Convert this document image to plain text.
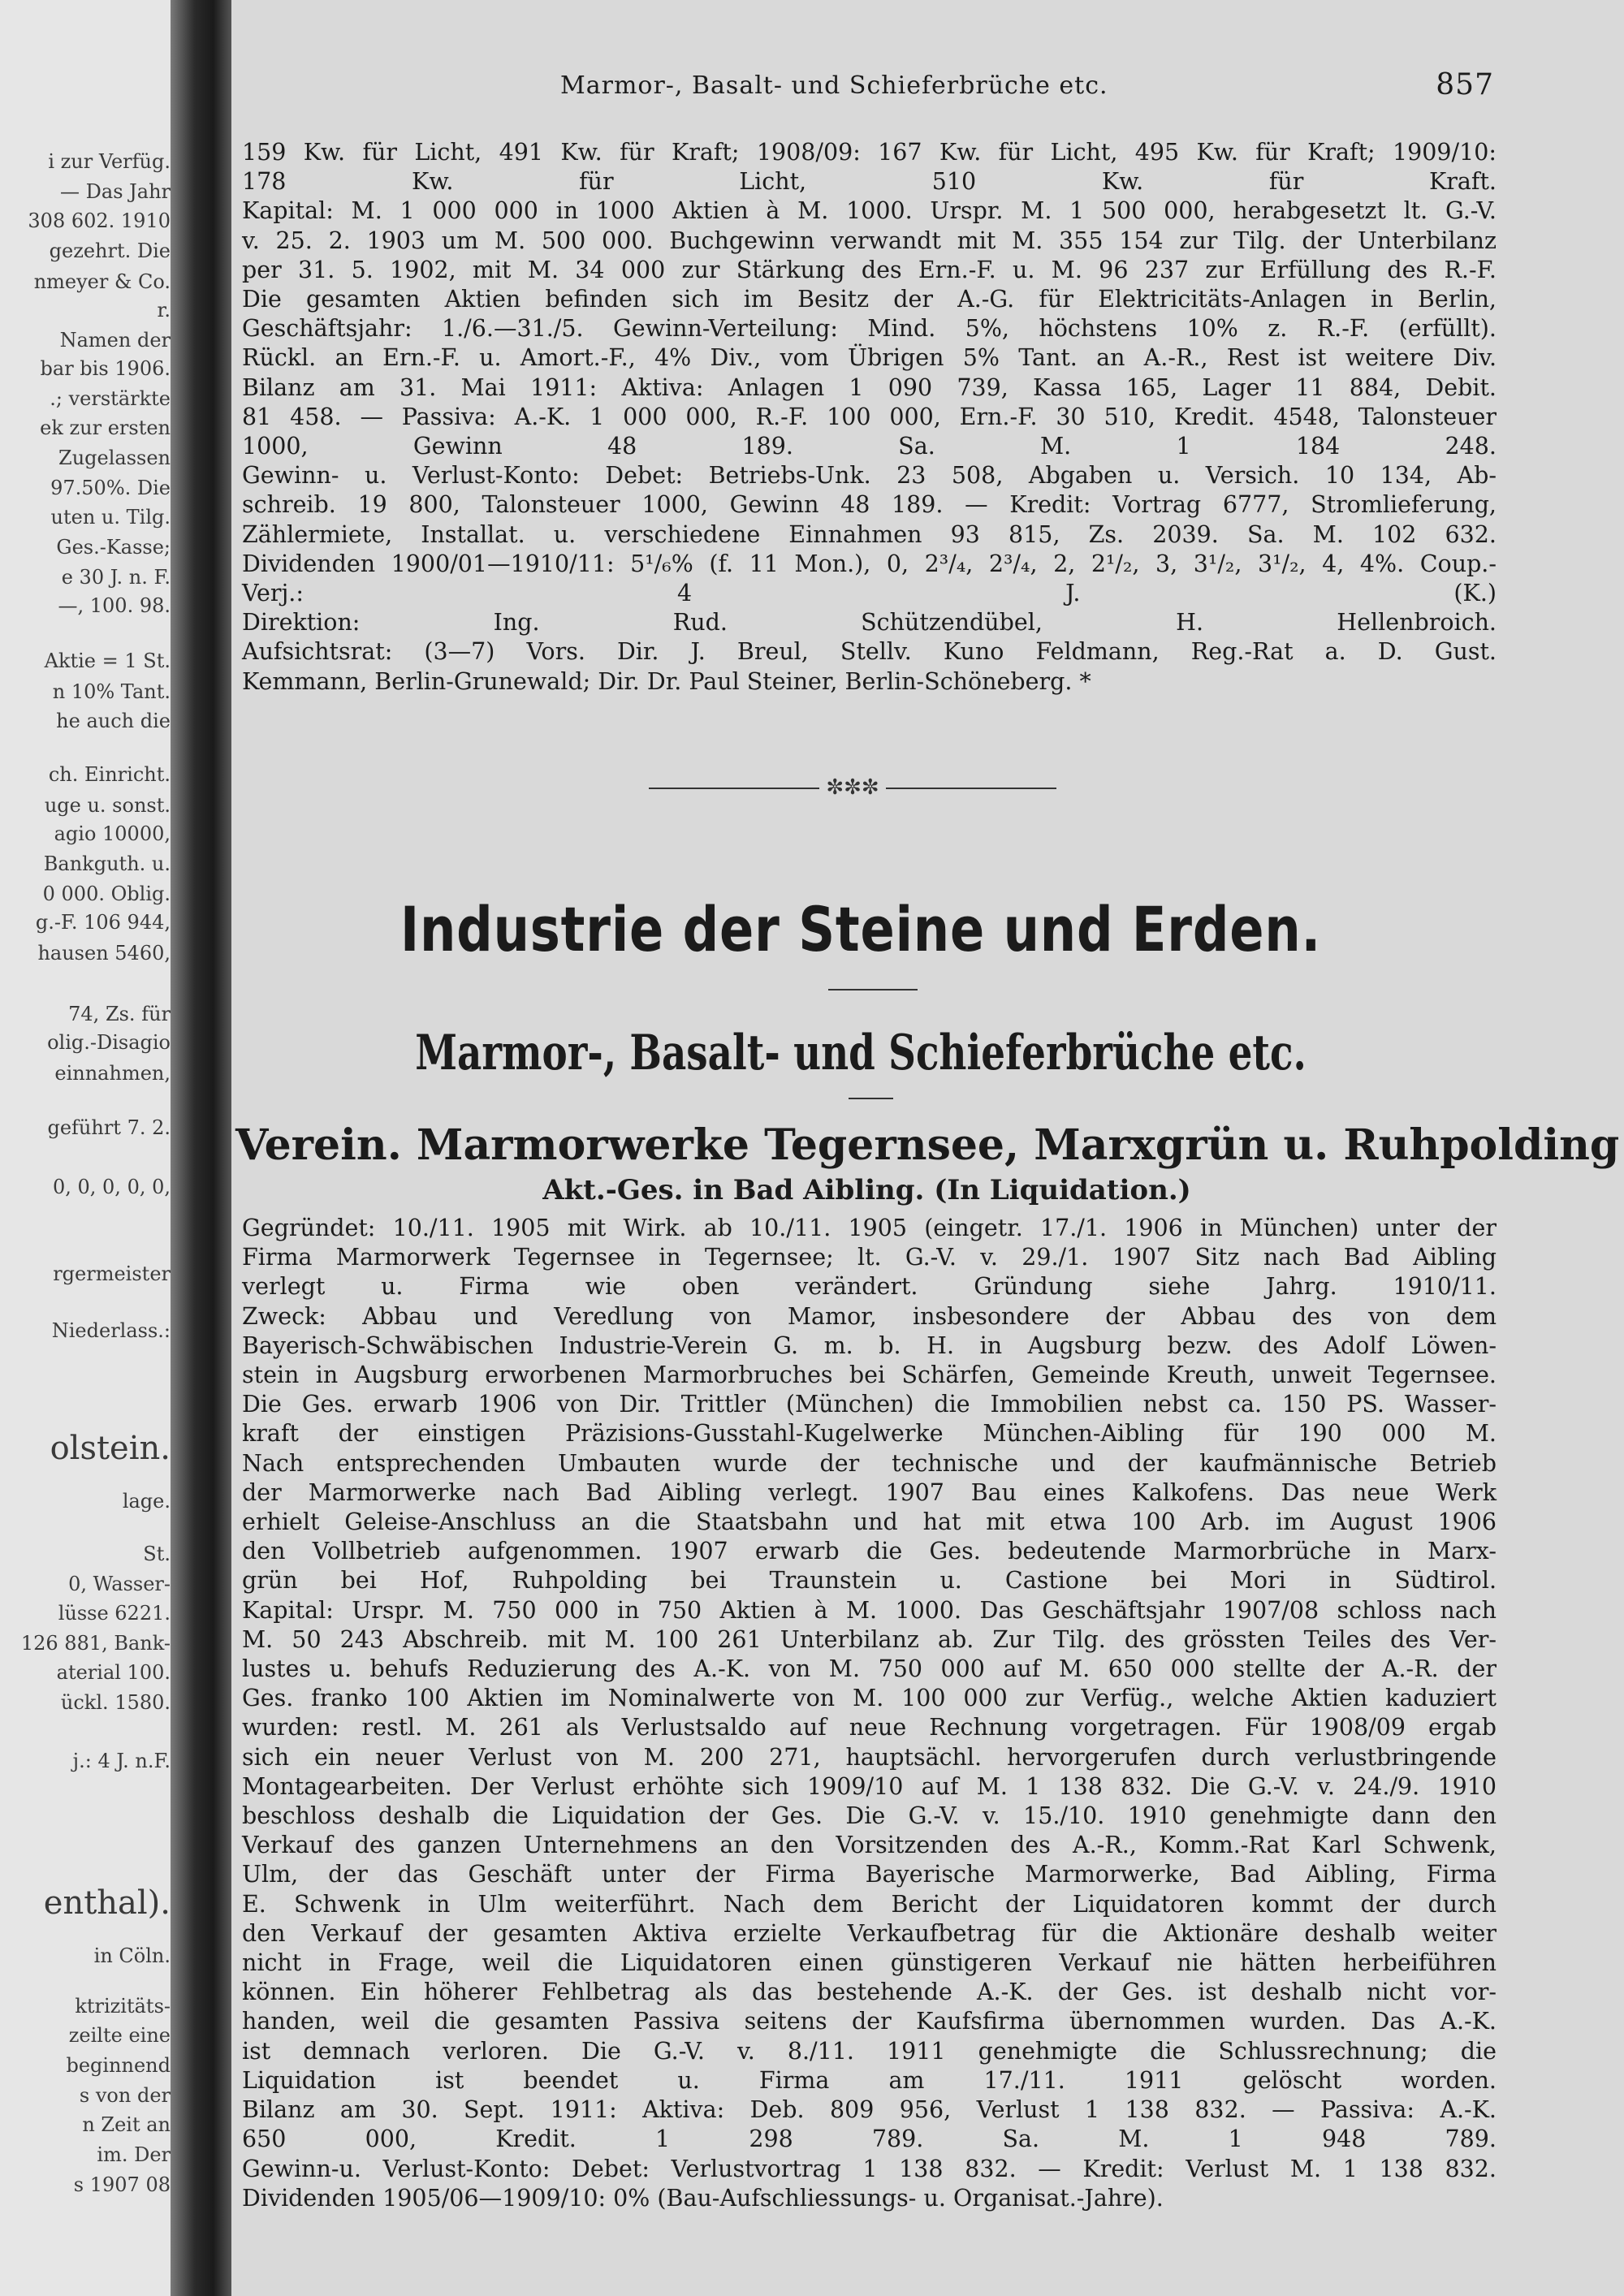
i zur Verfüg.
— Das Jahr
308 602. 1910
gezehrt. Die
nmeyer & Co.
r.
Namen der
bar bis 1906.
.; verstärkte
ek zur ersten
Zugelassen
97.50%. Die
uten u. Tilg.
Ges.-Kasse;
e 30 J. n. F.
—, 100. 98.
Aktie = 1 St.
n 10% Tant.
he auch die
ch. Einricht.
uge u. sonst.
agio 10000,
Bankguth. u.
0 000. Oblig.
g.-F. 106 944,
hausen 5460,
74, Zs. für
olig.-Disagio
einnahmen,
geführt 7. 2.
0, 0, 0, 0, 0,
rgermeister
Niederlass.:
olstein.
lage.
St.
0, Wasser-
lüsse 6221.
126 881, Bank-
aterial 100.
ückl. 1580.
j.: 4 J. n.F.
enthal).
in Cöln.
ktrizitäts-
zeilte eine
beginnend
s von der
n Zeit an
im. Der
s 1907 08
Marmor-, Basalt- und Schieferbrüche etc.	857

159 Kw. für Licht, 491 Kw. für Kraft; 1908/09: 167 Kw. für Licht, 495 Kw. für Kraft; 1909/10:

178 Kw. für Licht, 510 Kw. für Kraft.

Kapital: M. 1 000 000 in 1000 Aktien à M. 1000. Urspr. M. 1 500 000, herabgesetzt lt. G.-V.

v. 25. 2. 1903 um M. 500 000. Buchgewinn verwandt mit M. 355 154 zur Tilg. der Unterbilanz

per 31. 5. 1902, mit M. 34 000 zur Stärkung des Ern.-F. u. M. 96 237 zur Erfüllung des R.-F.

Die gesamten Aktien befinden sich im Besitz der A.-G. für Elektricitäts-Anlagen in Berlin,

Geschäftsjahr: 1./6.—31./5. Gewinn-Verteilung: Mind. 5%, höchstens 10% z. R.-F. (erfüllt).

Rückl. an Ern.-F. u. Amort.-F., 4% Div., vom Übrigen 5% Tant. an A.-R., Rest ist weitere Div.

Bilanz am 31. Mai 1911: Aktiva: Anlagen 1 090 739, Kassa 165, Lager 11 884, Debit.

81 458. — Passiva: A.-K. 1 000 000, R.-F. 100 000, Ern.-F. 30 510, Kredit. 4548, Talonsteuer

1000, Gewinn 48 189. Sa. M. 1 184 248.

Gewinn- u. Verlust-Konto: Debet: Betriebs-Unk. 23 508, Abgaben u. Versich. 10 134, Ab-

schreib. 19 800, Talonsteuer 1000, Gewinn 48 189. — Kredit: Vortrag 6777, Stromlieferung,

Zählermiete, Installat. u. verschiedene Einnahmen 93 815, Zs. 2039. Sa. M. 102 632.

Dividenden 1900/01—1910/11: 5¹/₆% (f. 11 Mon.), 0, 2³/₄, 2³/₄, 2, 2¹/₂, 3, 3¹/₂, 3¹/₂, 4, 4%. Coup.-

Verj.: 4 J. (K.)

Direktion: Ing. Rud. Schützendübel, H. Hellenbroich.

Aufsichtsrat: (3—7) Vors. Dir. J. Breul, Stellv. Kuno Feldmann, Reg.-Rat a. D. Gust.

Kemmann, Berlin-Grunewald; Dir. Dr. Paul Steiner, Berlin-Schöneberg. *

✼✼✼
Industrie der Steine und Erden.
Marmor-, Basalt- und Schieferbrüche etc.
Verein. Marmorwerke Tegernsee, Marxgrün u. Ruhpolding
Akt.-Ges. in Bad Aibling. (In Liquidation.)

Gegründet: 10./11. 1905 mit Wirk. ab 10./11. 1905 (eingetr. 17./1. 1906 in München) unter der

Firma Marmorwerk Tegernsee in Tegernsee; lt. G.-V. v. 29./1. 1907 Sitz nach Bad Aibling

verlegt u. Firma wie oben verändert. Gründung siehe Jahrg. 1910/11.

Zweck: Abbau und Veredlung von Mamor, insbesondere der Abbau des von dem

Bayerisch-Schwäbischen Industrie-Verein G. m. b. H. in Augsburg bezw. des Adolf Löwen-

stein in Augsburg erworbenen Marmorbruches bei Schärfen, Gemeinde Kreuth, unweit Tegernsee.

Die Ges. erwarb 1906 von Dir. Trittler (München) die Immobilien nebst ca. 150 PS. Wasser-

kraft der einstigen Präzisions-Gusstahl-Kugelwerke München-Aibling für 190 000 M.

Nach entsprechenden Umbauten wurde der technische und der kaufmännische Betrieb

der Marmorwerke nach Bad Aibling verlegt. 1907 Bau eines Kalkofens. Das neue Werk

erhielt Geleise-Anschluss an die Staatsbahn und hat mit etwa 100 Arb. im August 1906

den Vollbetrieb aufgenommen. 1907 erwarb die Ges. bedeutende Marmorbrüche in Marx-

grün bei Hof, Ruhpolding bei Traunstein u. Castione bei Mori in Südtirol.

Kapital: Urspr. M. 750 000 in 750 Aktien à M. 1000. Das Geschäftsjahr 1907/08 schloss nach

M. 50 243 Abschreib. mit M. 100 261 Unterbilanz ab. Zur Tilg. des grössten Teiles des Ver-

lustes u. behufs Reduzierung des A.-K. von M. 750 000 auf M. 650 000 stellte der A.-R. der

Ges. franko 100 Aktien im Nominalwerte von M. 100 000 zur Verfüg., welche Aktien kaduziert

wurden: restl. M. 261 als Verlustsaldo auf neue Rechnung vorgetragen. Für 1908/09 ergab

sich ein neuer Verlust von M. 200 271, hauptsächl. hervorgerufen durch verlustbringende

Montagearbeiten. Der Verlust erhöhte sich 1909/10 auf M. 1 138 832. Die G.-V. v. 24./9. 1910

beschloss deshalb die Liquidation der Ges. Die G.-V. v. 15./10. 1910 genehmigte dann den

Verkauf des ganzen Unternehmens an den Vorsitzenden des A.-R., Komm.-Rat Karl Schwenk,

Ulm, der das Geschäft unter der Firma Bayerische Marmorwerke, Bad Aibling, Firma

E. Schwenk in Ulm weiterführt. Nach dem Bericht der Liquidatoren kommt der durch

den Verkauf der gesamten Aktiva erzielte Verkaufbetrag für die Aktionäre deshalb weiter

nicht in Frage, weil die Liquidatoren einen günstigeren Verkauf nie hätten herbeiführen

können. Ein höherer Fehlbetrag als das bestehende A.-K. der Ges. ist deshalb nicht vor-

handen, weil die gesamten Passiva seitens der Kaufsfirma übernommen wurden. Das A.-K.

ist demnach verloren. Die G.-V. v. 8./11. 1911 genehmigte die Schlussrechnung; die

Liquidation ist beendet u. Firma am 17./11. 1911 gelöscht worden.

Bilanz am 30. Sept. 1911: Aktiva: Deb. 809 956, Verlust 1 138 832. — Passiva: A.-K.

650 000, Kredit. 1 298 789. Sa. M. 1 948 789.

Gewinn-u. Verlust-Konto: Debet: Verlustvortrag 1 138 832. — Kredit: Verlust M. 1 138 832.

Dividenden 1905/06—1909/10: 0% (Bau-Aufschliessungs- u. Organisat.-Jahre).
